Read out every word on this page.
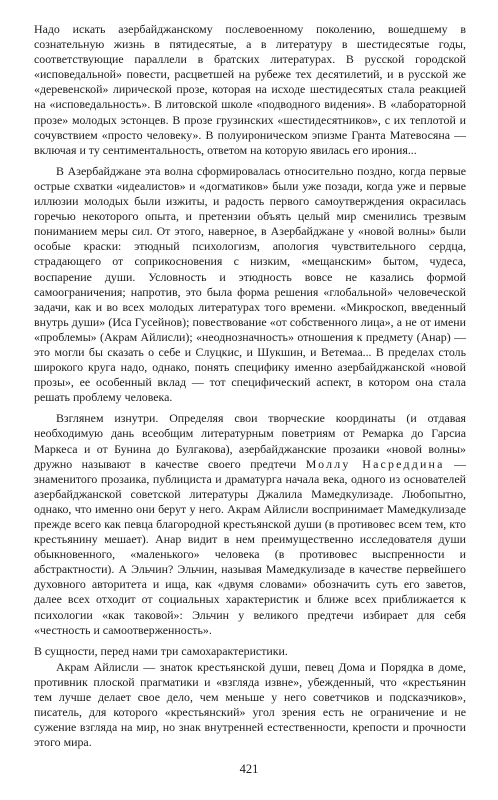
Надо искать азербайджанскому послевоенному поколению, вошедшему в сознательную жизнь в пятидесятые, а в литературу в шестидесятые годы, соответствующие параллели в братских литературах. В русской городской «исповедальной» повести, расцветшей на рубеже тех десятилетий, и в русской же «деревенской» лирической прозе, которая на исходе шестидесятых стала реакцией на «исповедальность». В литовской школе «подводного видения». В «лабораторной прозе» молодых эстонцев. В прозе грузинских «шестидесятников», с их теплотой и сочувствием «просто человеку». В полуироническом эпизме Гранта Матевосяна — включая и ту сентиментальность, ответом на которую явилась его ирония...

В Азербайджане эта волна сформировалась относительно поздно, когда первые острые схватки «идеалистов» и «догматиков» были уже позади, когда уже и первые иллюзии молодых были изжиты, и радость первого самоутверждения окрасилась горечью некоторого опыта, и претензии объять целый мир сменились трезвым пониманием меры сил. От этого, наверное, в Азербайджане у «новой волны» были особые краски: этюдный психологизм, апология чувствительного сердца, страдающего от соприкосновения с низким, «мещанским» бытом, чудеса, воспарение души. Условность и этюдность вовсе не казались формой самоограничения; напротив, это была форма решения «глобальной» человеческой задачи, как и во всех молодых литературах того времени. «Микроскоп, введенный внутрь души» (Иса Гусейнов); повествование «от собственного лица», а не от имени «проблемы» (Акрам Айлисли); «неоднозначность» отношения к предмету (Анар) — это могли бы сказать о себе и Слуцкис, и Шукшин, и Ветемаа... В пределах столь широкого круга надо, однако, понять специфику именно азербайджанской «новой прозы», ее особенный вклад — тот специфический аспект, в котором она стала решать проблему человека.

Взглянем изнутри. Определяя свои творческие координаты (и отдавая необходимую дань всеобщим литературным поветриям от Ремарка до Гарсиа Маркеса и от Бунина до Булгакова), азербайджанские прозаики «новой волны» дружно называют в качестве своего предтечи Моллу Насреддина — знаменитого прозаика, публициста и драматурга начала века, одного из основателей азербайджанской советской литературы Джалила Мамедкулизаде. Любопытно, однако, что именно они берут у него. Акрам Айлисли воспринимает Мамедкулизаде прежде всего как певца благородной крестьянской души (в противовес всем тем, кто крестьянину мешает). Анар видит в нем преимущественно исследователя души обыкновенного, «маленького» человека (в противовес выспренности и абстрактности). А Эльчин? Эльчин, называя Мамедкулизаде в качестве первейшего духовного авторитета и ища, как «двумя словами» обозначить суть его заветов, далее всех отходит от социальных характеристик и ближе всех приближается к психологии «как таковой»: Эльчин у великого предтечи избирает для себя «честность и самоотверженность».

В сущности, перед нами три самохарактеристики.

Акрам Айлисли — знаток крестьянской души, певец Дома и Порядка в доме, противник плоской прагматики и «взгляда извне», убежденный, что «крестьянин тем лучше делает свое дело, чем меньше у него советчиков и подсказчиков», писатель, для которого «крестьянский» угол зрения есть не ограничение и не сужение взгляда на мир, но знак внутренней естественности, крепости и прочности этого мира.

421
